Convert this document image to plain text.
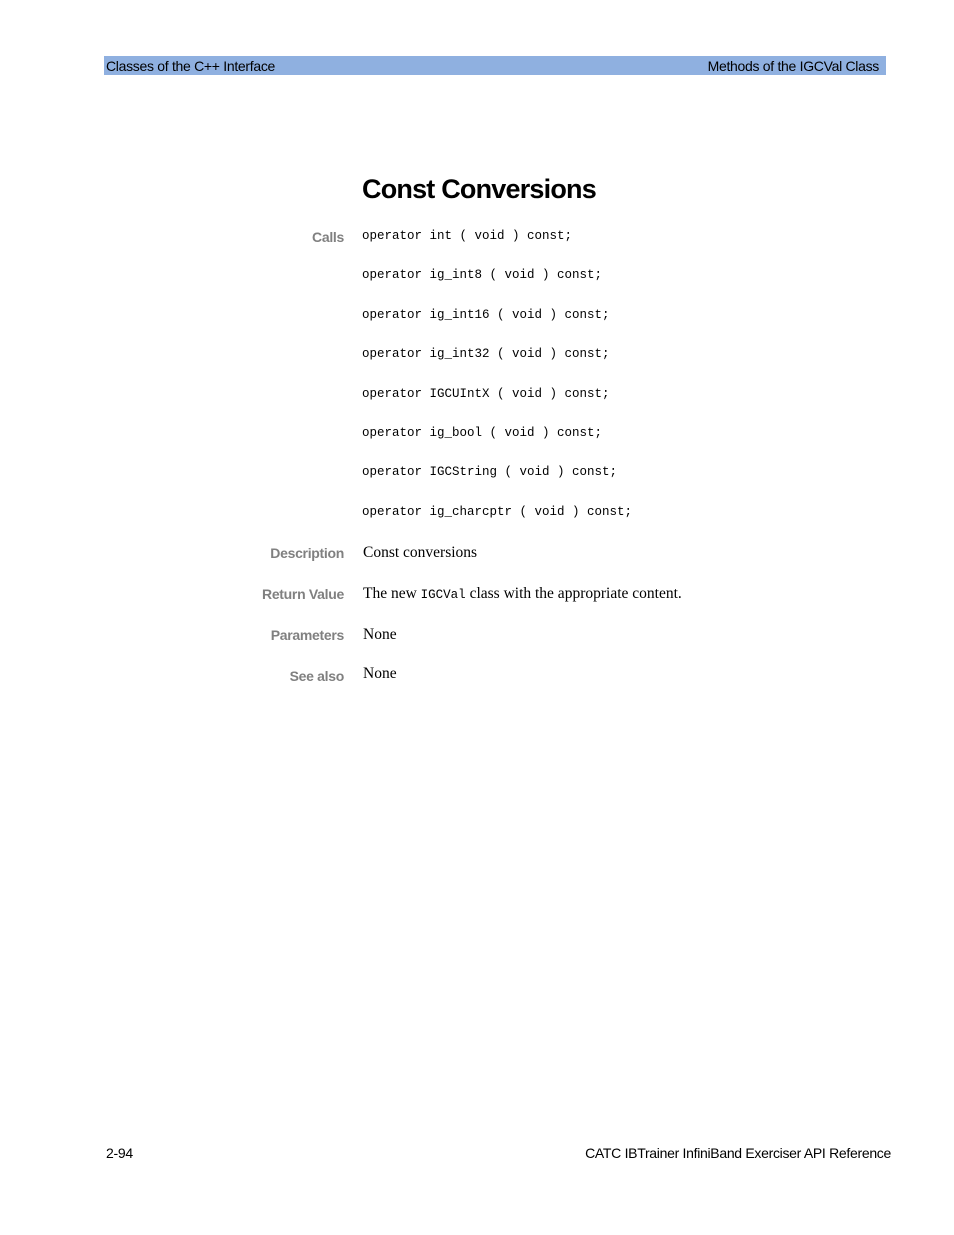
Classes of the C++ Interface	Methods of the IGCVal Class
Const Conversions
Calls operator int ( void ) const;
operator ig_int8 ( void ) const;
operator ig_int16 ( void ) const;
operator ig_int32 ( void ) const;
operator IGCUIntX ( void ) const;
operator ig_bool ( void ) const;
operator IGCString ( void ) const;
operator ig_charcptr ( void ) const;
Description Const conversions
Return Value The new IGCVal class with the appropriate content.
Parameters None
See also None
2-94	CATC IBTrainer InfiniBand Exerciser API Reference
